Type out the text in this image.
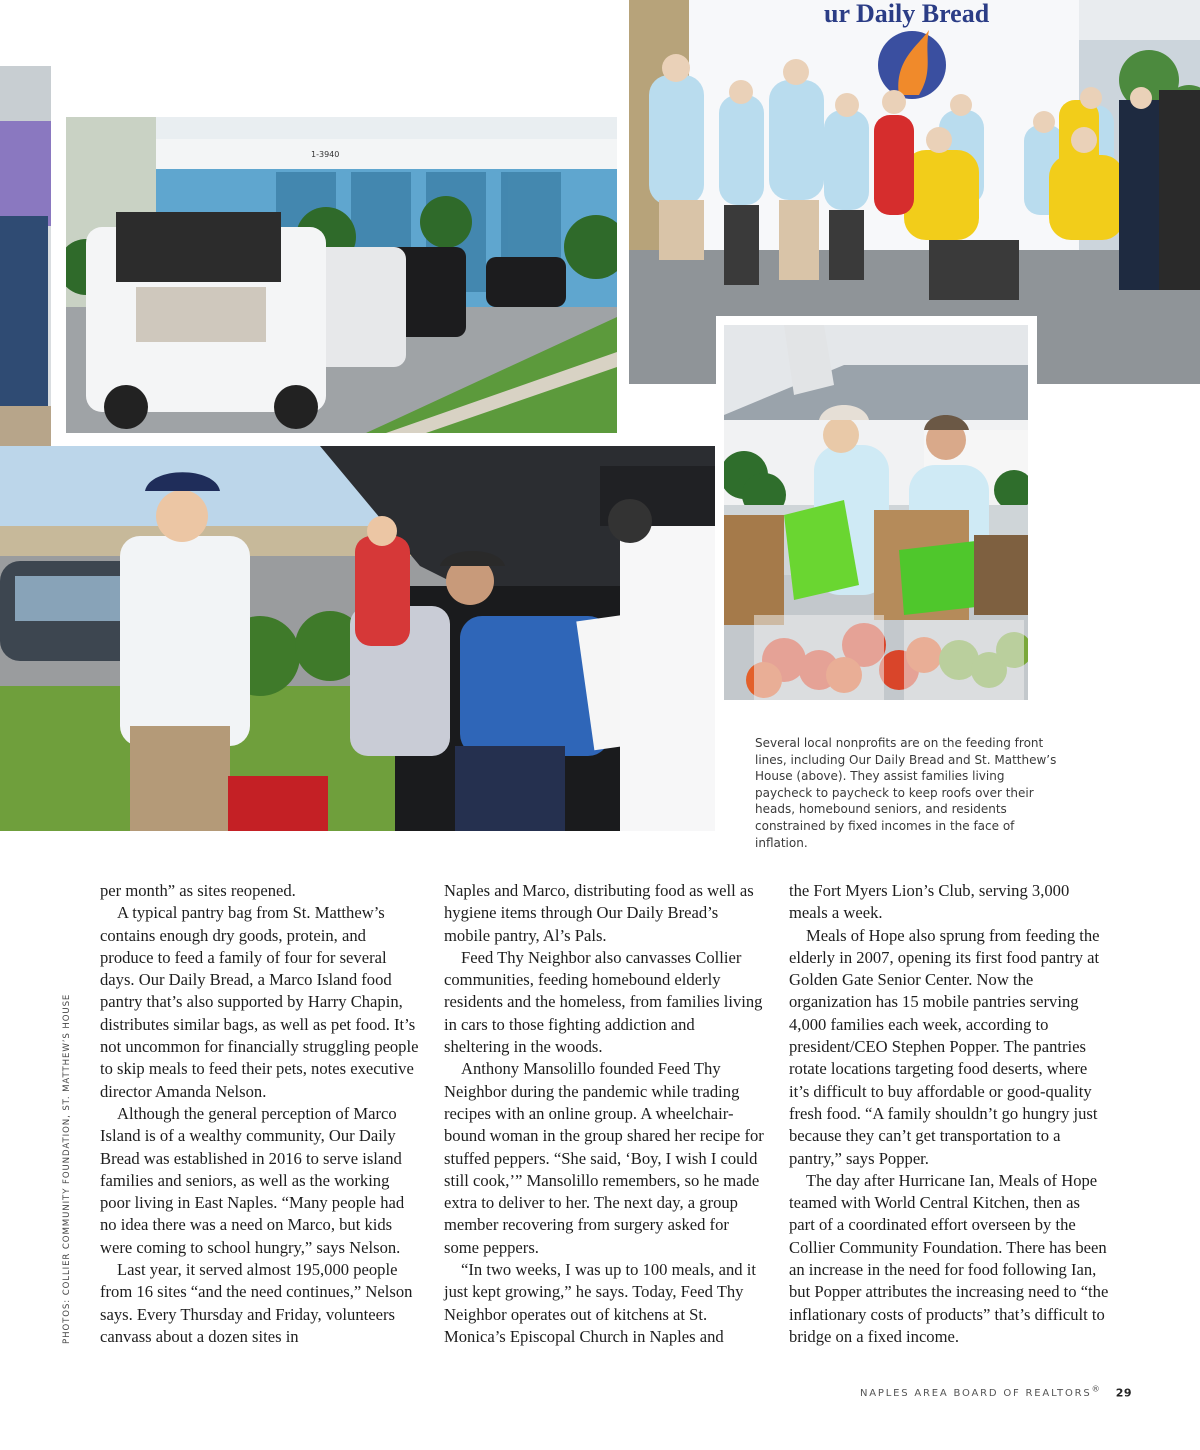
1-3940
ur Daily Bread
Several local nonprofits are on the feeding front lines, including Our Daily Bread and St. Matthew’s House (above). They assist families living paycheck to paycheck to keep roofs over their heads, homebound seniors, and residents constrained by fixed incomes in the face of inflation.

per month” as sites reopened.

A typical pantry bag from St. Matthew’s contains enough dry goods, protein, and produce to feed a family of four for several days. Our Daily Bread, a Marco Island food pantry that’s also supported by Harry Chapin, distributes similar bags, as well as pet food. It’s not uncommon for financially struggling people to skip meals to feed their pets, notes executive director Amanda Nelson.

Although the general perception of Marco Island is of a wealthy community, Our Daily Bread was established in 2016 to serve island families and seniors, as well as the working poor living in East Naples. “Many people had no idea there was a need on Marco, but kids were coming to school hungry,” says Nelson.

Last year, it served almost 195,000 people from 16 sites “and the need continues,” Nelson says. Every Thursday and Friday, volunteers canvass about a dozen sites in

Naples and Marco, distributing food as well as hygiene items through Our Daily Bread’s mobile pantry, Al’s Pals.

Feed Thy Neighbor also canvasses Collier communities, feeding homebound elderly residents and the homeless, from families living in cars to those fighting addiction and sheltering in the woods.

Anthony Mansolillo founded Feed Thy Neighbor during the pandemic while trading recipes with an online group. A wheelchair-bound woman in the group shared her recipe for stuffed peppers. “She said, ‘Boy, I wish I could still cook,’” Mansolillo remembers, so he made extra to deliver to her. The next day, a group member recovering from surgery asked for some peppers.

“In two weeks, I was up to 100 meals, and it just kept growing,” he says. Today, Feed Thy Neighbor operates out of kitchens at St. Monica’s Episcopal Church in Naples and

the Fort Myers Lion’s Club, serving 3,000 meals a week.

Meals of Hope also sprung from feeding the elderly in 2007, opening its first food pantry at Golden Gate Senior Center. Now the organization has 15 mobile pantries serving 4,000 families each week, according to president/CEO Stephen Popper. The pantries rotate locations targeting food deserts, where it’s difficult to buy affordable or good-quality fresh food. “A family shouldn’t go hungry just because they can’t get transportation to a pantry,” says Popper.

The day after Hurricane Ian, Meals of Hope teamed with World Central Kitchen, then as part of a coordinated effort overseen by the Collier Community Foundation. There has been an increase in the need for food following Ian, but Popper attributes the increasing need to “the inflationary costs of products” that’s difficult to bridge on a fixed income.

PHOTOS: COLLIER COMMUNITY FOUNDATION, ST. MATTHEW’S HOUSE
NAPLES AREA BOARD OF REALTORS® 29
